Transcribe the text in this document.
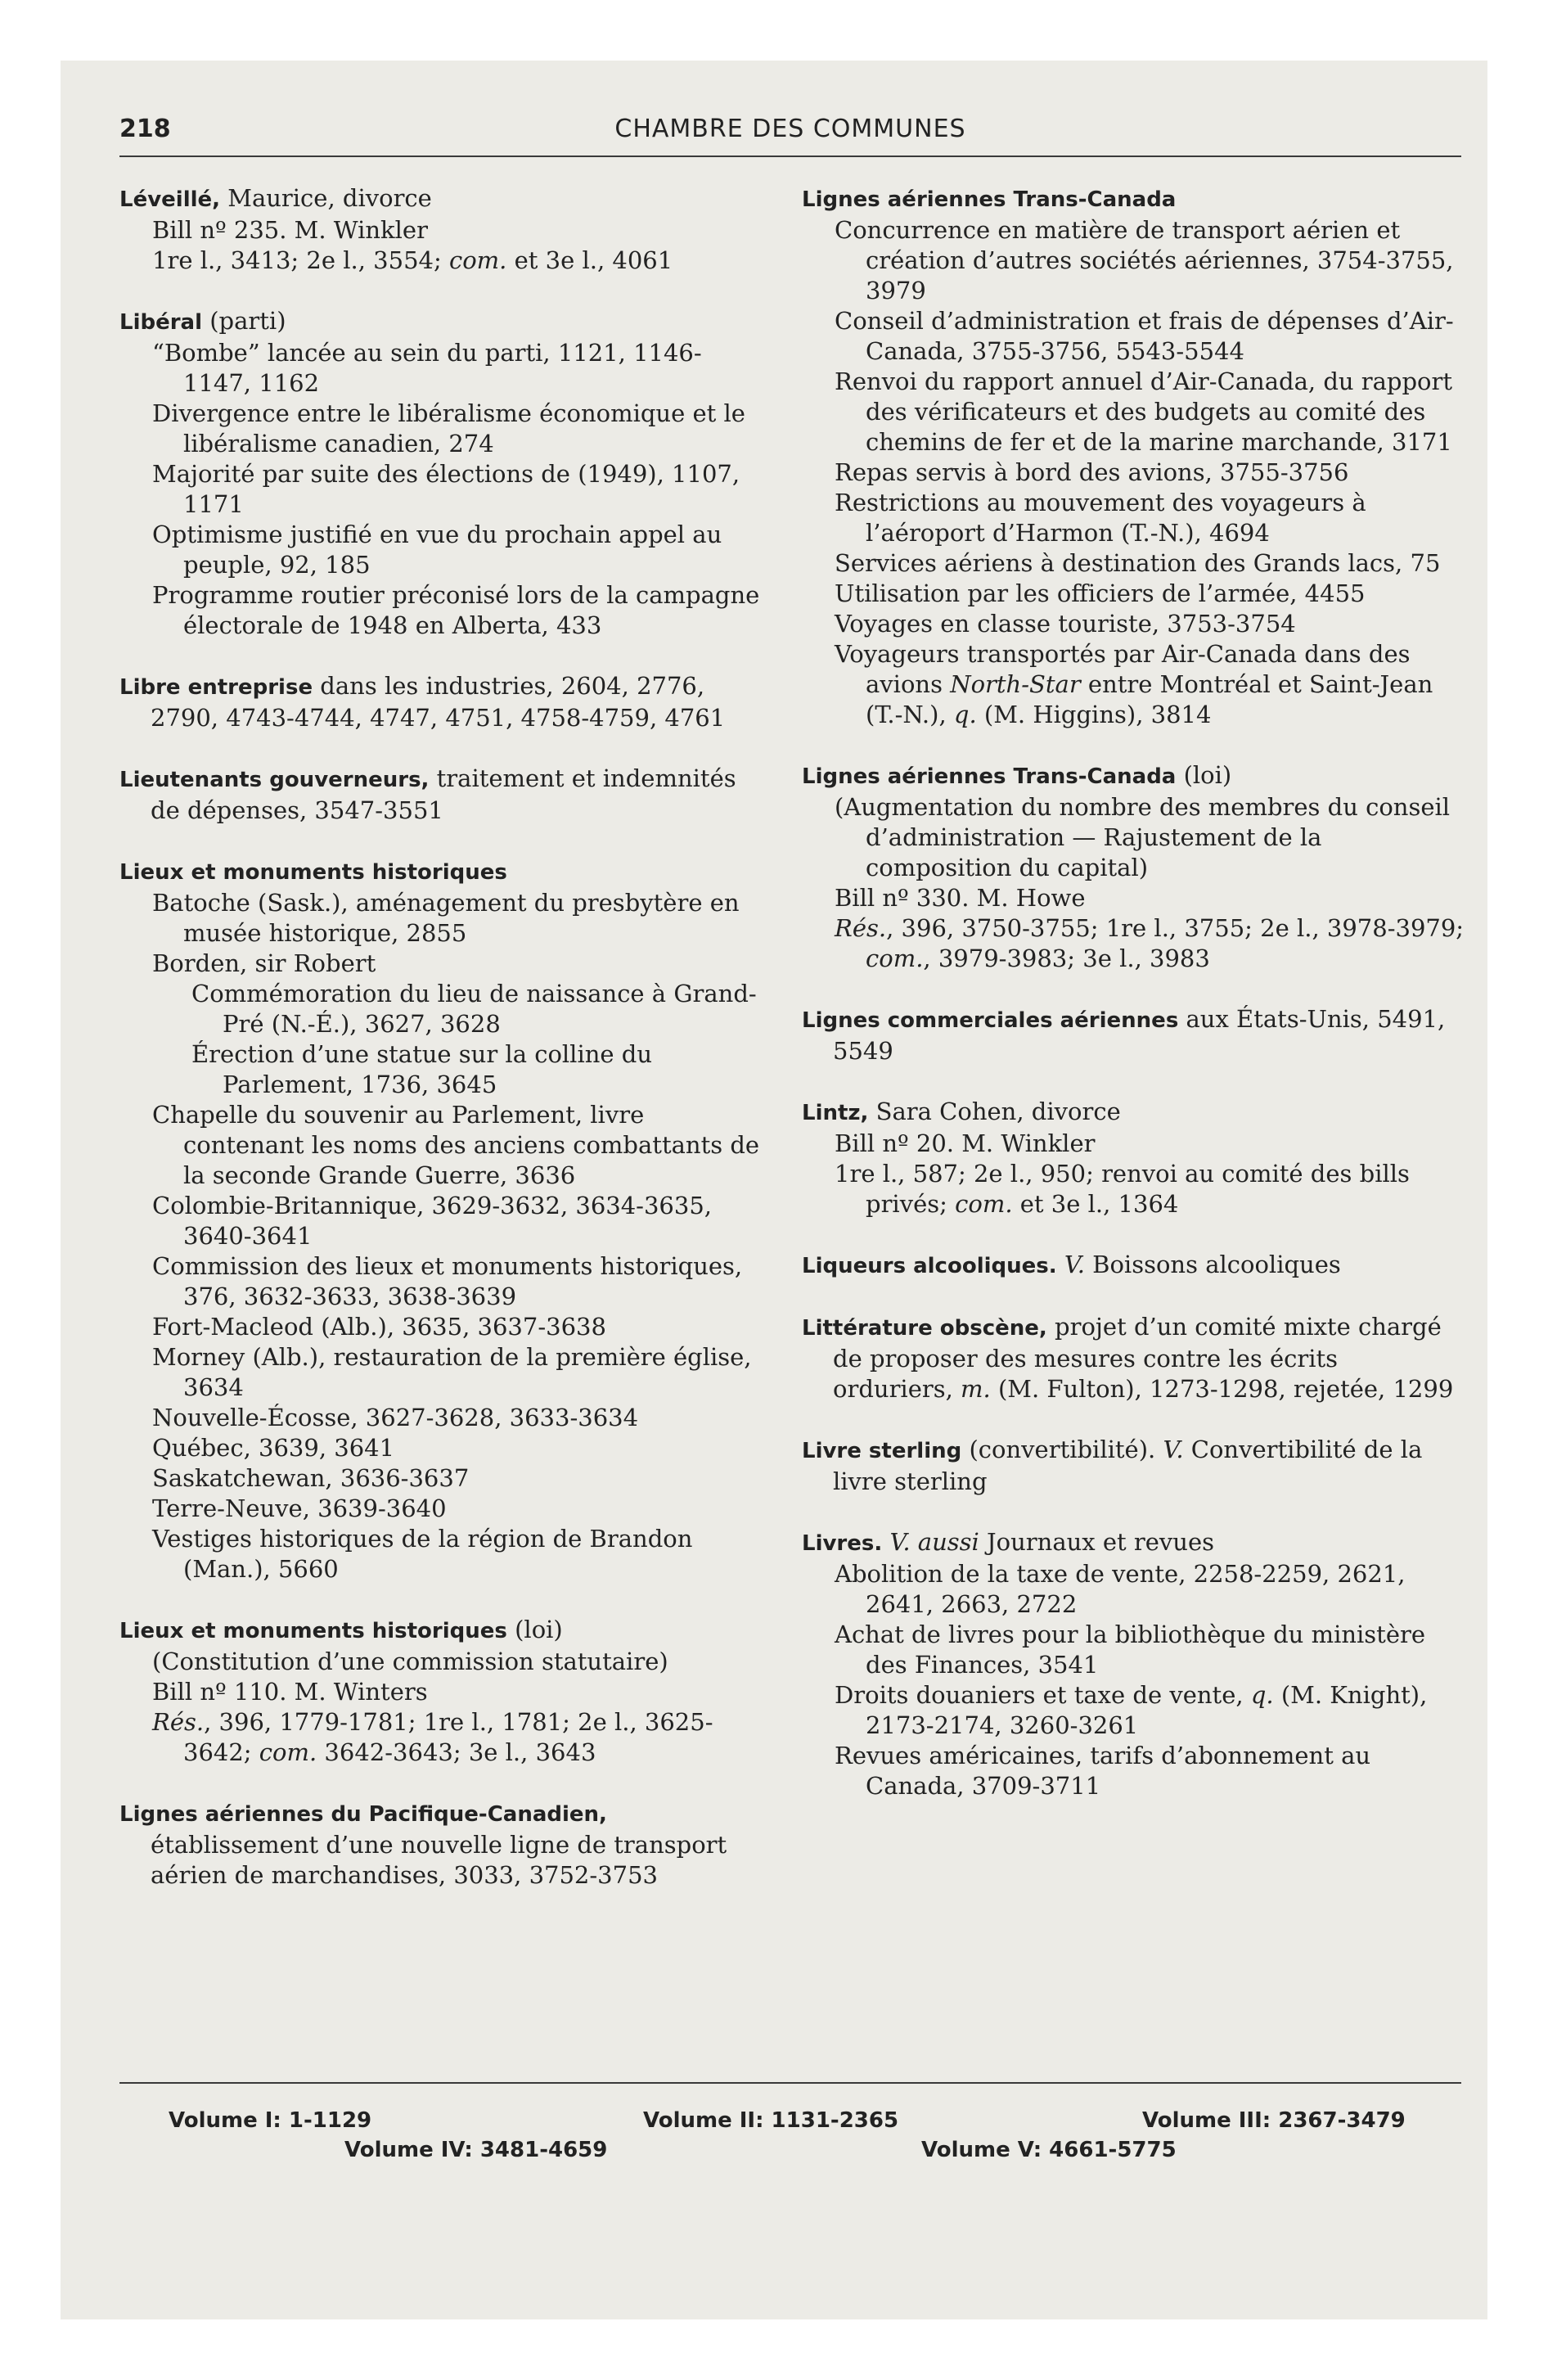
218	CHAMBRE DES COMMUNES
Léveillé, Maurice, divorce
Bill nº 235. M. Winkler
1re l., 3413; 2e l., 3554; com. et 3e l., 4061
Libéral (parti)
“Bombe” lancée au sein du parti, 1121, 1146-1147, 1162
Divergence entre le libéralisme économique et le libéralisme canadien, 274
Majorité par suite des élections de (1949), 1107, 1171
Optimisme justifié en vue du prochain appel au peuple, 92, 185
Programme routier préconisé lors de la campagne électorale de 1948 en Alberta, 433
Libre entreprise dans les industries, 2604, 2776, 2790, 4743-4744, 4747, 4751, 4758-4759, 4761
Lieutenants gouverneurs, traitement et indemnités de dépenses, 3547-3551
Lieux et monuments historiques
Batoche (Sask.), aménagement du presbytère en musée historique, 2855
Borden, sir Robert
Commémoration du lieu de naissance à Grand-Pré (N.-É.), 3627, 3628
Érection d’une statue sur la colline du Parlement, 1736, 3645
Chapelle du souvenir au Parlement, livre contenant les noms des anciens combattants de la seconde Grande Guerre, 3636
Colombie-Britannique, 3629-3632, 3634-3635, 3640-3641
Commission des lieux et monuments historiques, 376, 3632-3633, 3638-3639
Fort-Macleod (Alb.), 3635, 3637-3638
Morney (Alb.), restauration de la première église, 3634
Nouvelle-Écosse, 3627-3628, 3633-3634
Québec, 3639, 3641
Saskatchewan, 3636-3637
Terre-Neuve, 3639-3640
Vestiges historiques de la région de Brandon (Man.), 5660
Lieux et monuments historiques (loi)
(Constitution d’une commission statutaire)
Bill nº 110. M. Winters
Rés., 396, 1779-1781; 1re l., 1781; 2e l., 3625-3642; com. 3642-3643; 3e l., 3643
Lignes aériennes du Pacifique-Canadien, établissement d’une nouvelle ligne de transport aérien de marchandises, 3033, 3752-3753
Lignes aériennes Trans-Canada
Concurrence en matière de transport aérien et création d’autres sociétés aériennes, 3754-3755, 3979
Conseil d’administration et frais de dépenses d’Air-Canada, 3755-3756, 5543-5544
Renvoi du rapport annuel d’Air-Canada, du rapport des vérificateurs et des budgets au comité des chemins de fer et de la marine marchande, 3171
Repas servis à bord des avions, 3755-3756
Restrictions au mouvement des voyageurs à l’aéroport d’Harmon (T.-N.), 4694
Services aériens à destination des Grands lacs, 75
Utilisation par les officiers de l’armée, 4455
Voyages en classe touriste, 3753-3754
Voyageurs transportés par Air-Canada dans des avions North-Star entre Montréal et Saint-Jean (T.-N.), q. (M. Higgins), 3814
Lignes aériennes Trans-Canada (loi)
(Augmentation du nombre des membres du conseil d’administration — Rajustement de la composition du capital)
Bill nº 330. M. Howe
Rés., 396, 3750-3755; 1re l., 3755; 2e l., 3978-3979; com., 3979-3983; 3e l., 3983
Lignes commerciales aériennes aux États-Unis, 5491, 5549
Lintz, Sara Cohen, divorce
Bill nº 20. M. Winkler
1re l., 587; 2e l., 950; renvoi au comité des bills privés; com. et 3e l., 1364
Liqueurs alcooliques. V. Boissons alcooliques
Littérature obscène, projet d’un comité mixte chargé de proposer des mesures contre les écrits orduriers, m. (M. Fulton), 1273-1298, rejetée, 1299
Livre sterling (convertibilité). V. Convertibilité de la livre sterling
Livres. V. aussi Journaux et revues
Abolition de la taxe de vente, 2258-2259, 2621, 2641, 2663, 2722
Achat de livres pour la bibliothèque du ministère des Finances, 3541
Droits douaniers et taxe de vente, q. (M. Knight), 2173-2174, 3260-3261
Revues américaines, tarifs d’abonnement au Canada, 3709-3711
Volume I: 1-1129	Volume II: 1131-2365	Volume III: 2367-3479
Volume IV: 3481-4659	Volume V: 4661-5775
